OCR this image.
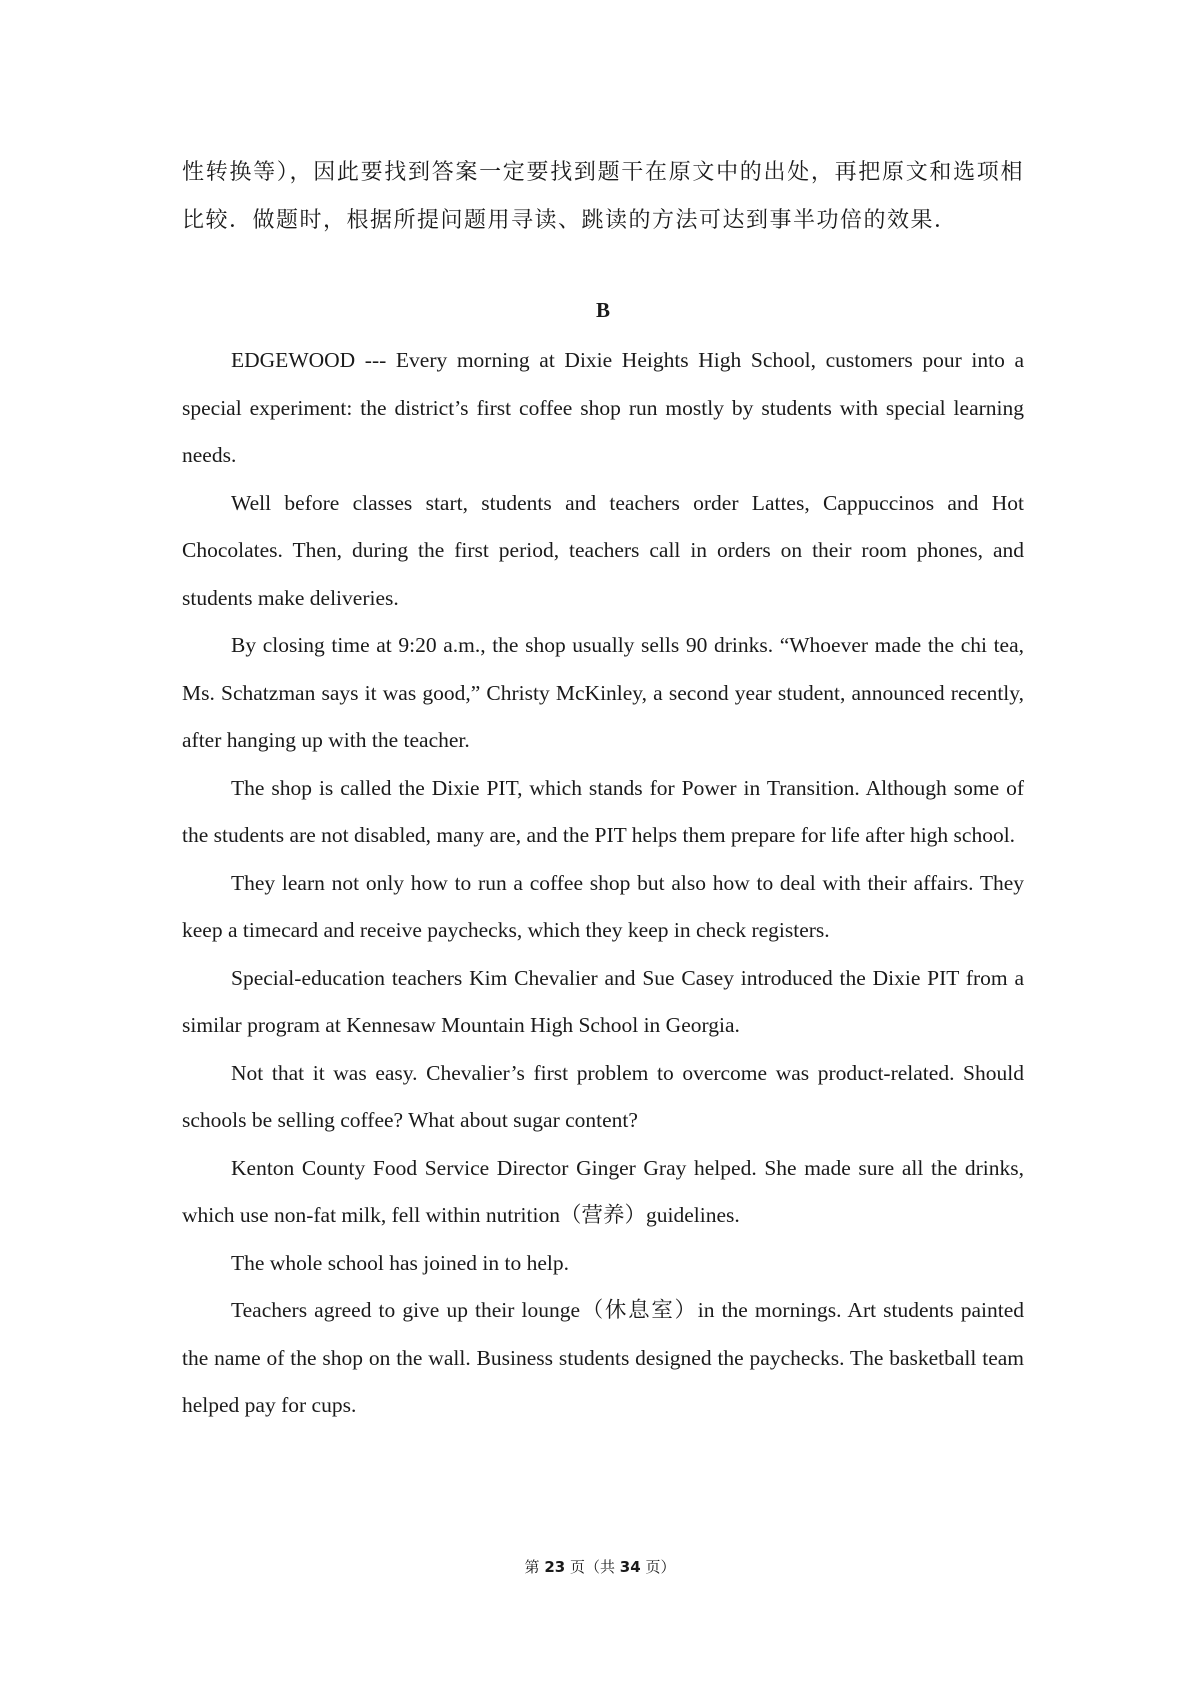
性转换等），因此要找到答案一定要找到题干在原文中的出处，再把原文和选项相比较．做题时，根据所提问题用寻读、跳读的方法可达到事半功倍的效果．

B

EDGEWOOD --- Every morning at Dixie Heights High School, customers pour into a special experiment: the district’s first coffee shop run mostly by students with special learning needs.

Well before classes start, students and teachers order Lattes, Cappuccinos and Hot Chocolates. Then, during the first period, teachers call in orders on their room phones, and students make deliveries.

By closing time at 9:20 a.m., the shop usually sells 90 drinks. “Whoever made the chi tea, Ms. Schatzman says it was good,” Christy McKinley, a second year student, announced recently, after hanging up with the teacher.

The shop is called the Dixie PIT, which stands for Power in Transition. Although some of the students are not disabled, many are, and the PIT helps them prepare for life after high school.

They learn not only how to run a coffee shop but also how to deal with their affairs. They keep a timecard and receive paychecks, which they keep in check registers.

Special-education teachers Kim Chevalier and Sue Casey introduced the Dixie PIT from a similar program at Kennesaw Mountain High School in Georgia.

Not that it was easy. Chevalier’s first problem to overcome was product-related. Should schools be selling coffee? What about sugar content?

Kenton County Food Service Director Ginger Gray helped. She made sure all the drinks, which use non-fat milk, fell within nutrition（营养）guidelines.

The whole school has joined in to help.

Teachers agreed to give up their lounge（休息室）in the mornings. Art students painted the name of the shop on the wall. Business students designed the paychecks. The basketball team helped pay for cups.

第 23 页（共 34 页）
